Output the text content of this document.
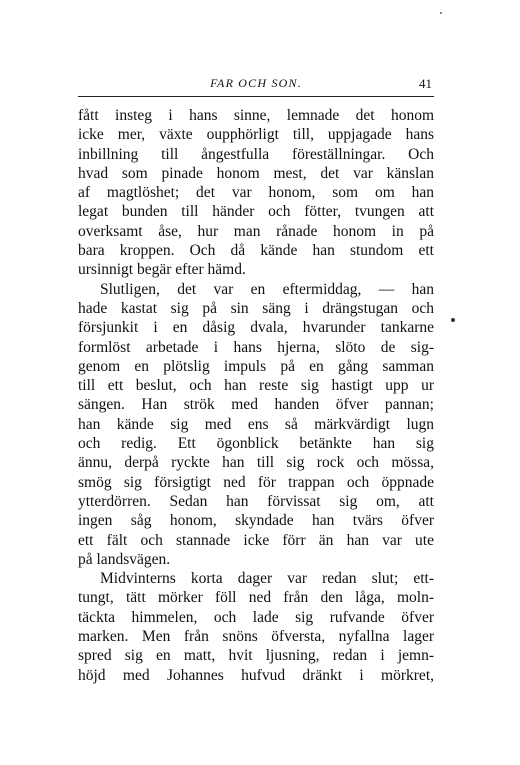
FAR OCH SON.	41
fått insteg i hans sinne, lemnade det honom
icke mer, växte oupphörligt till, uppjagade hans
inbillning till ångestfulla föreställningar. Och
hvad som pinade honom mest, det var känslan
af magtlöshet; det var honom, som om han
legat bunden till händer och fötter, tvungen att
overksamt åse, hur man rånade honom in på
bara kroppen. Och då kände han stundom ett
ursinnigt begär efter hämd.
Slutligen, det var en eftermiddag, — han
hade kastat sig på sin säng i drängstugan och
försjunkit i en dåsig dvala, hvarunder tankarne
formlöst arbetade i hans hjerna, slöto de sig-
genom en plötslig impuls på en gång samman
till ett beslut, och han reste sig hastigt upp ur
sängen. Han strök med handen öfver pannan;
han kände sig med ens så märkvärdigt lugn
och redig. Ett ögonblick betänkte han sig
ännu, derpå ryckte han till sig rock och mössa,
smög sig försigtigt ned för trappan och öppnade
ytterdörren. Sedan han förvissat sig om, att
ingen såg honom, skyndade han tvärs öfver
ett fält och stannade icke förr än han var ute
på landsvägen.
Midvinterns korta dager var redan slut; ett-
tungt, tätt mörker föll ned från den låga, moln-
täckta himmelen, och lade sig rufvande öfver
marken. Men från snöns öfversta, nyfallna lager
spred sig en matt, hvit ljusning, redan i jemn-
höjd med Johannes hufvud dränkt i mörkret,
